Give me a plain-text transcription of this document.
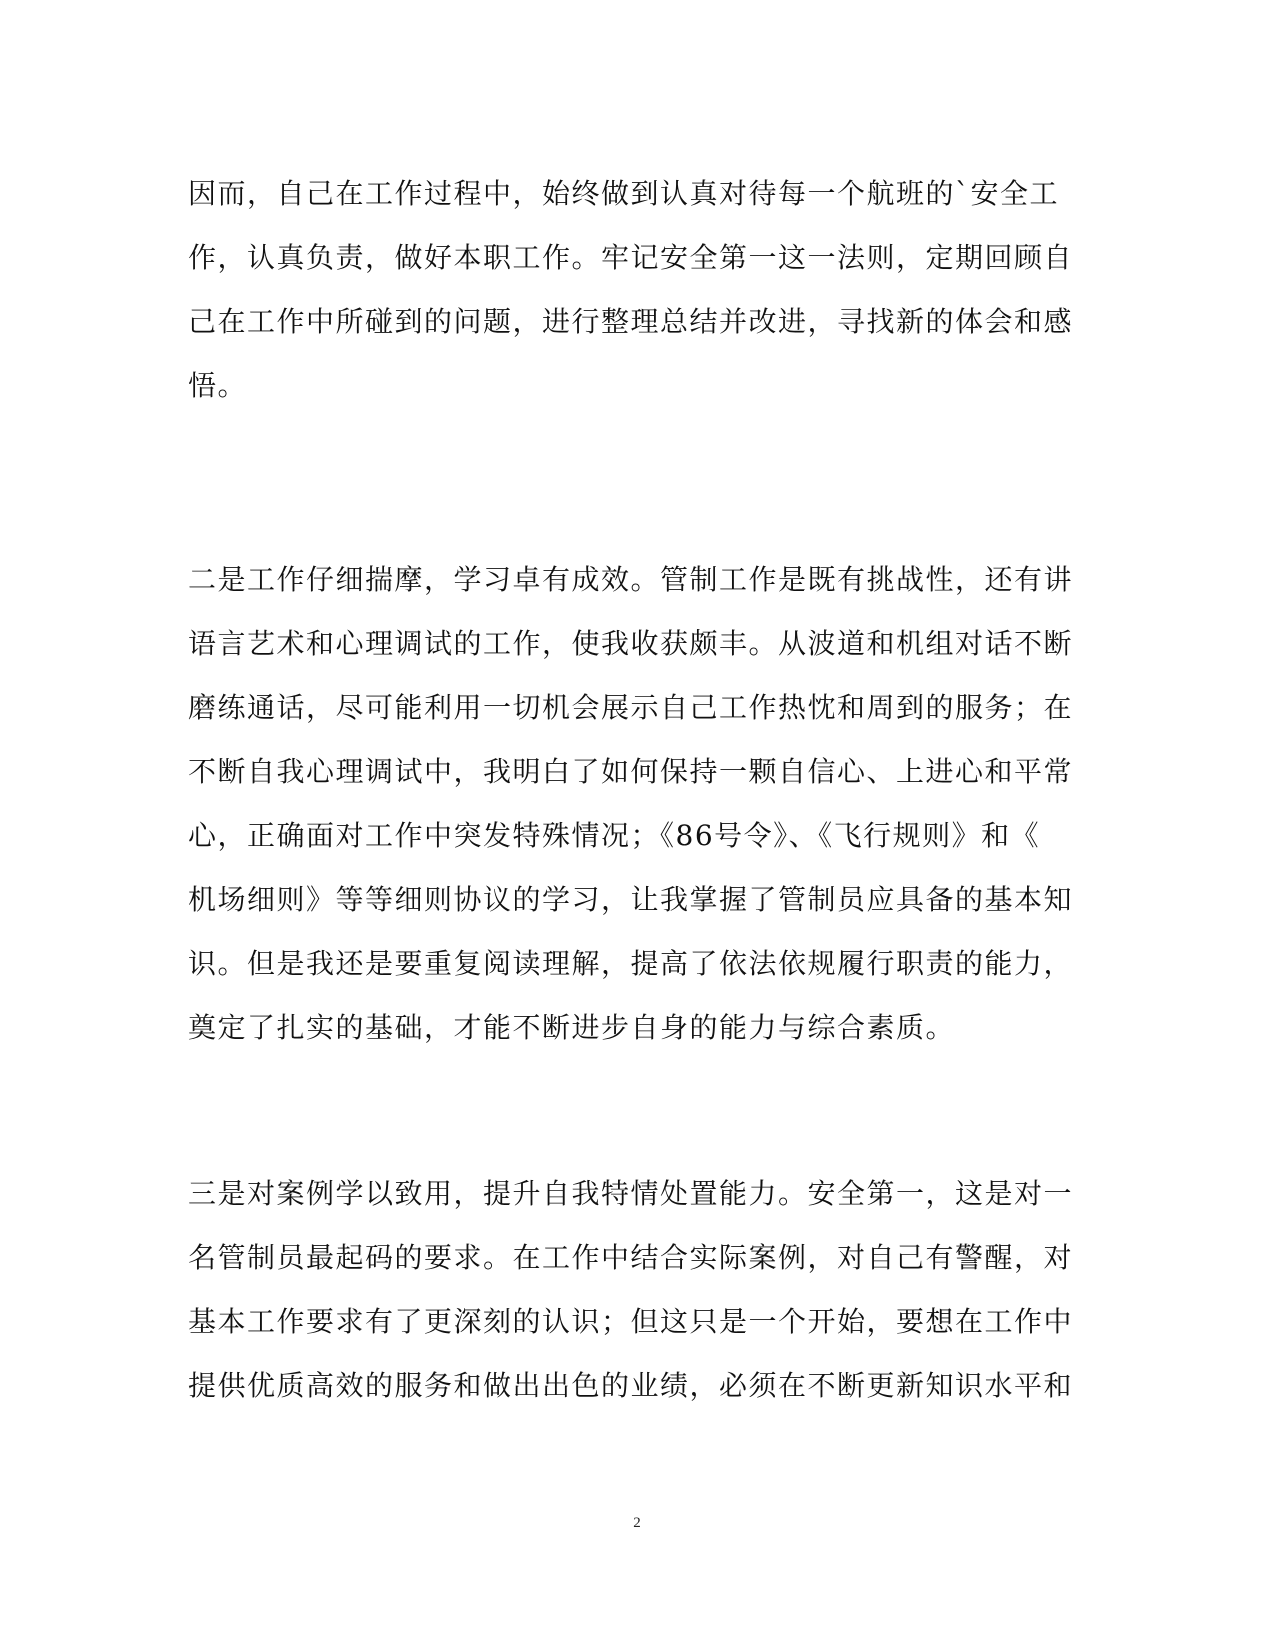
因而，自己在工作过程中，始终做到认真对待每一个航班的`安全工
作，认真负责，做好本职工作。牢记安全第一这一法则，定期回顾自
己在工作中所碰到的问题，进行整理总结并改进，寻找新的体会和感
悟。
二是工作仔细揣摩，学习卓有成效。管制工作是既有挑战性，还有讲
语言艺术和心理调试的工作，使我收获颇丰。从波道和机组对话不断
磨练通话，尽可能利用一切机会展示自己工作热忱和周到的服务；在
不断自我心理调试中，我明白了如何保持一颗自信心、上进心和平常
心，正确面对工作中突发特殊情况；《86号令》、《飞行规则》和《
机场细则》等等细则协议的学习，让我掌握了管制员应具备的基本知
识。但是我还是要重复阅读理解，提高了依法依规履行职责的能力，
奠定了扎实的基础，才能不断进步自身的能力与综合素质。
三是对案例学以致用，提升自我特情处置能力。安全第一，这是对一
名管制员最起码的要求。在工作中结合实际案例，对自己有警醒，对
基本工作要求有了更深刻的认识；但这只是一个开始，要想在工作中
提供优质高效的服务和做出出色的业绩，必须在不断更新知识水平和
2
